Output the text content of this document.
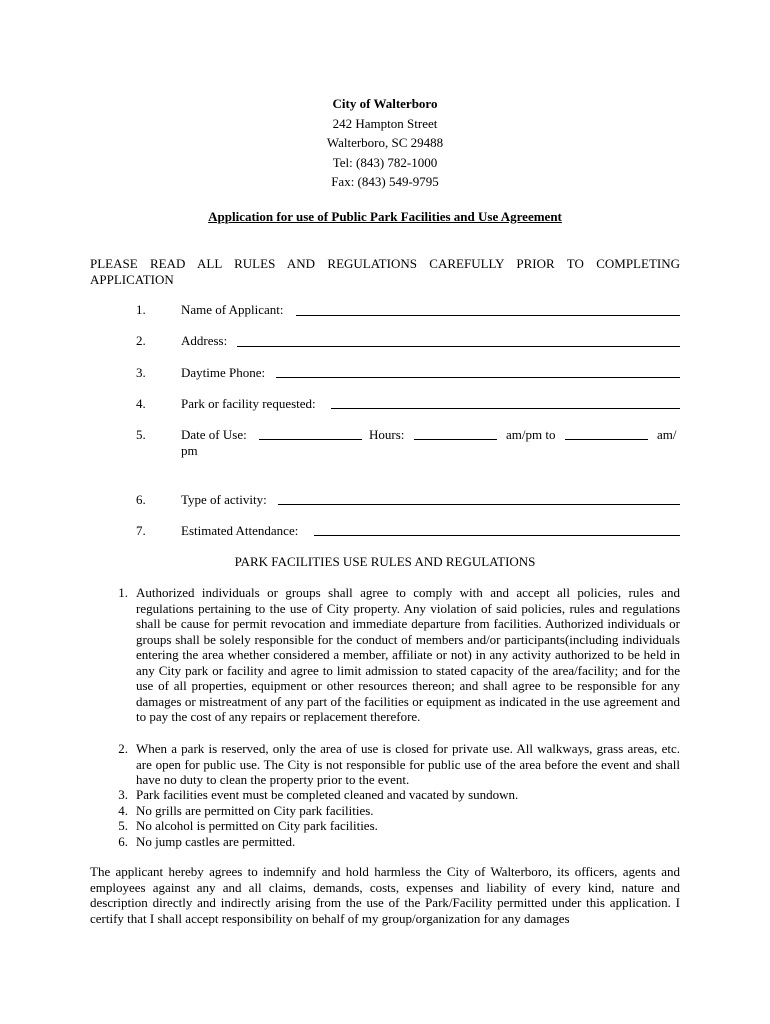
City of Walterboro
242 Hampton Street
Walterboro, SC 29488
Tel: (843) 782-1000
Fax: (843) 549-9795
Application for use of Public Park Facilities and Use Agreement
PLEASE READ ALL RULES AND REGULATIONS CAREFULLY PRIOR TO COMPLETING APPLICATION
1.	Name of Applicant:
2.	Address:
3.	Daytime Phone:
4.	Park or facility requested:
5.	Date of Use:	Hours:	am/pm to	am/
pm
6.	Type of activity:
7.	Estimated Attendance:
PARK FACILITIES USE RULES AND REGULATIONS
1. Authorized individuals or groups shall agree to comply with and accept all policies, rules and regulations pertaining to the use of City property. Any violation of said policies, rules and regulations shall be cause for permit revocation and immediate departure from facilities. Authorized individuals or groups shall be solely responsible for the conduct of members and/or participants(including individuals entering the area whether considered a member, affiliate or not) in any activity authorized to be held in any City park or facility and agree to limit admission to stated capacity of the area/facility; and for the use of all properties, equipment or other resources thereon; and shall agree to be responsible for any damages or mistreatment of any part of the facilities or equipment as indicated in the use agreement and to pay the cost of any repairs or replacement therefore.
2. When a park is reserved, only the area of use is closed for private use. All walkways, grass areas, etc. are open for public use. The City is not responsible for public use of the area before the event and shall have no duty to clean the property prior to the event.
3. Park facilities event must be completed cleaned and vacated by sundown.
4. No grills are permitted on City park facilities.
5. No alcohol is permitted on City park facilities.
6. No jump castles are permitted.
The applicant hereby agrees to indemnify and hold harmless the City of Walterboro, its officers, agents and employees against any and all claims, demands, costs, expenses and liability of every kind, nature and description directly and indirectly arising from the use of the Park/Facility permitted under this application. I certify that I shall accept responsibility on behalf of my group/organization for any damages
